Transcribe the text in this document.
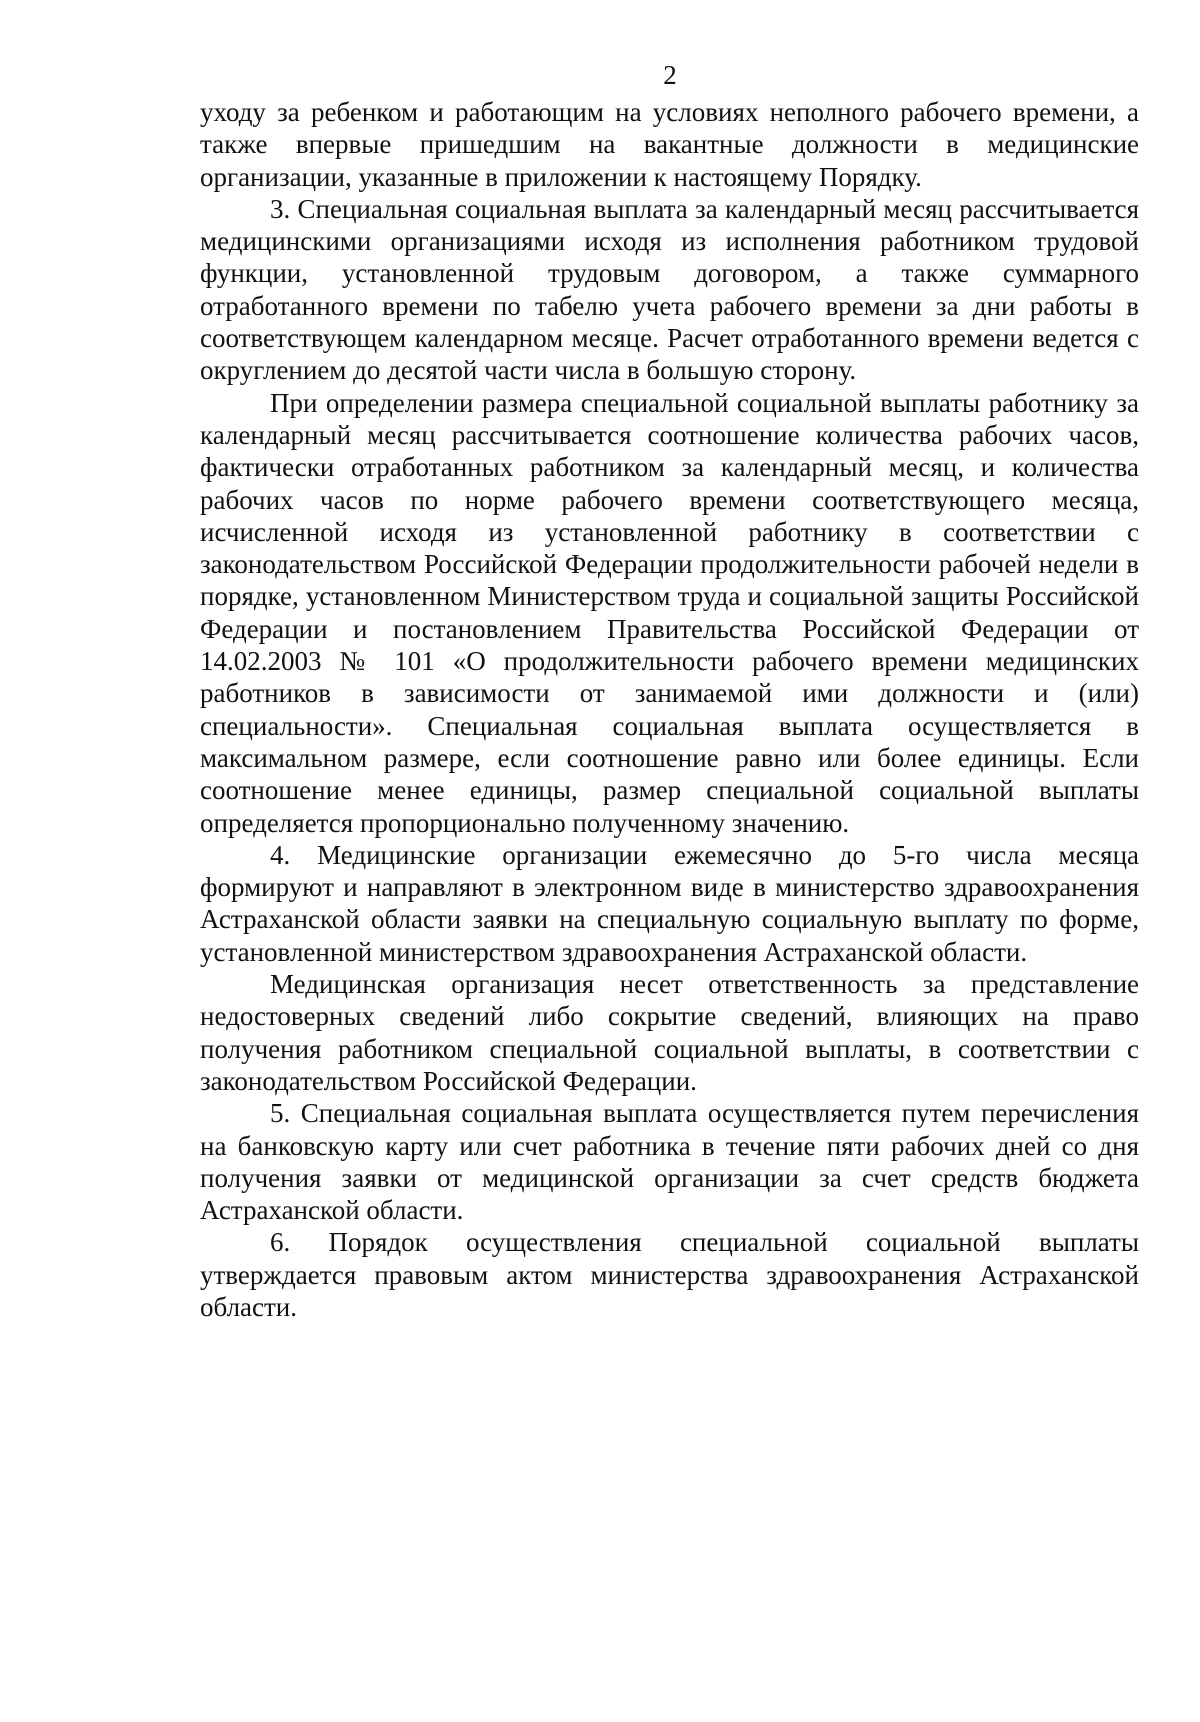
2

уходу за ребенком и работающим на условиях неполного рабочего времени, а также впервые пришедшим на вакантные должности в медицинские организации, указанные в приложении к настоящему Порядку.

3. Специальная социальная выплата за календарный месяц рассчитывается медицинскими организациями исходя из исполнения работником трудовой функции, установленной трудовым договором, а также суммарного отработанного времени по табелю учета рабочего времени за дни работы в соответствующем календарном месяце. Расчет отработанного времени ведется с округлением до десятой части числа в большую сторону.

При определении размера специальной социальной выплаты работнику за календарный месяц рассчитывается соотношение количества рабочих часов, фактически отработанных работником за календарный месяц, и количества рабочих часов по норме рабочего времени соответствующего месяца, исчисленной исходя из установленной работнику в соответствии с законодательством Российской Федерации продолжительности рабочей недели в порядке, установленном Министерством труда и социальной защиты Российской Федерации и постановлением Правительства Российской Федерации от 14.02.2003 № 101 «О продолжительности рабочего времени медицинских работников в зависимости от занимаемой ими должности и (или) специальности». Специальная социальная выплата осуществляется в максимальном размере, если соотношение равно или более единицы. Если соотношение менее единицы, размер специальной социальной выплаты определяется пропорционально полученному значению.

4. Медицинские организации ежемесячно до 5-го числа месяца формируют и направляют в электронном виде в министерство здравоохранения Астраханской области заявки на специальную социальную выплату по форме, установленной министерством здравоохранения Астраханской области.

Медицинская организация несет ответственность за представление недостоверных сведений либо сокрытие сведений, влияющих на право получения работником специальной социальной выплаты, в соответствии с законодательством Российской Федерации.

5. Специальная социальная выплата осуществляется путем перечисления на банковскую карту или счет работника в течение пяти рабочих дней со дня получения заявки от медицинской организации за счет средств бюджета Астраханской области.

6. Порядок осуществления специальной социальной выплаты утверждается правовым актом министерства здравоохранения Астраханской области.
